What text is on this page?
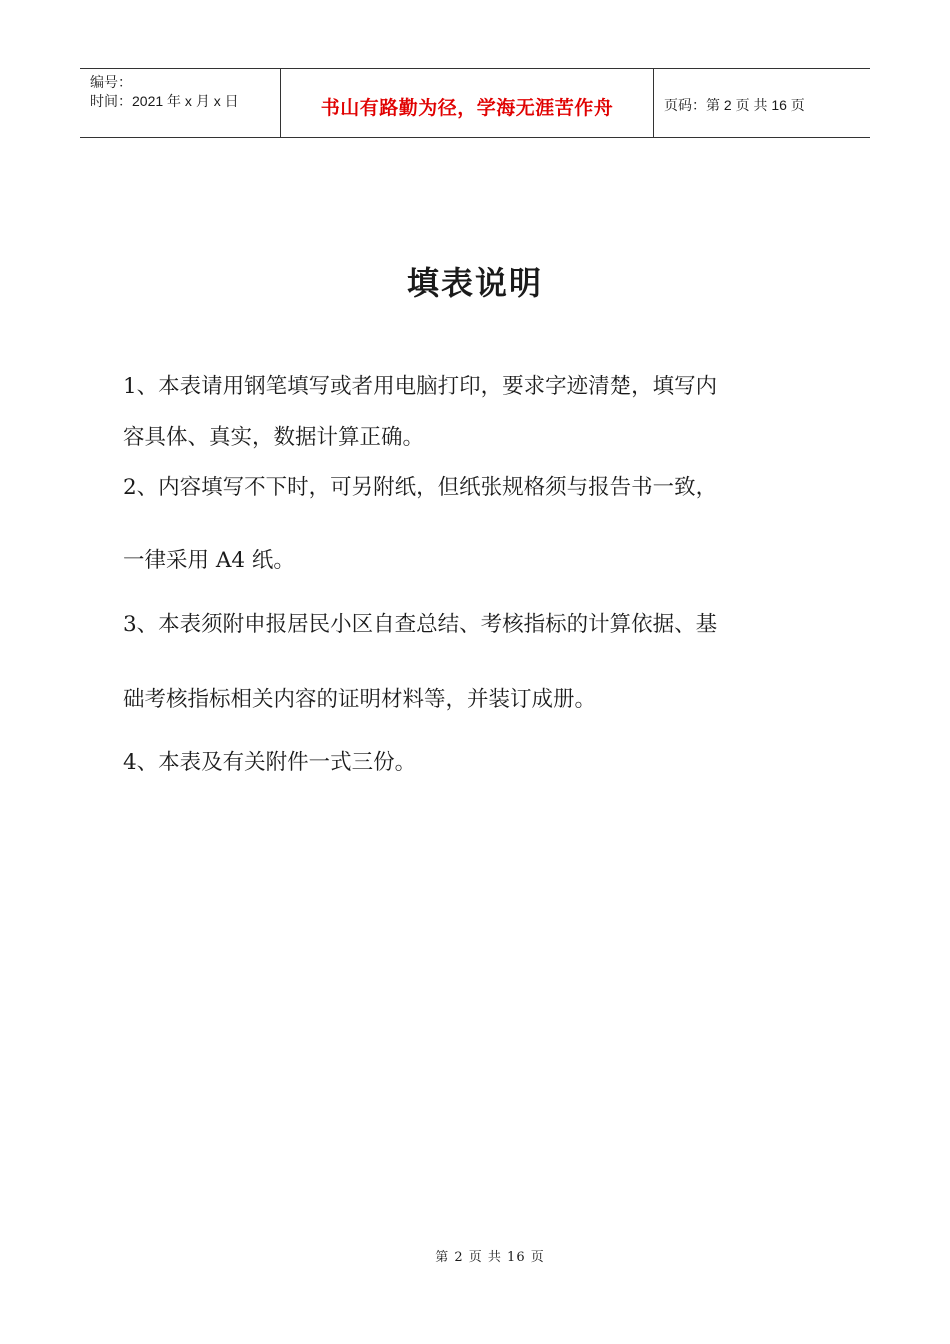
编号：
时间：2021 年 x 月 x 日	书山有路勤为径，学海无涯苦作舟	页码：第 2 页 共 16 页
填表说明

1、本表请用钢笔填写或者用电脑打印，要求字迹清楚，填写内

容具体、真实，数据计算正确。

2、内容填写不下时，可另附纸，但纸张规格须与报告书一致，

一律采用 A4 纸。

3、本表须附申报居民小区自查总结、考核指标的计算依据、基

础考核指标相关内容的证明材料等，并装订成册。

4、本表及有关附件一式三份。

第 2 页 共 16 页
